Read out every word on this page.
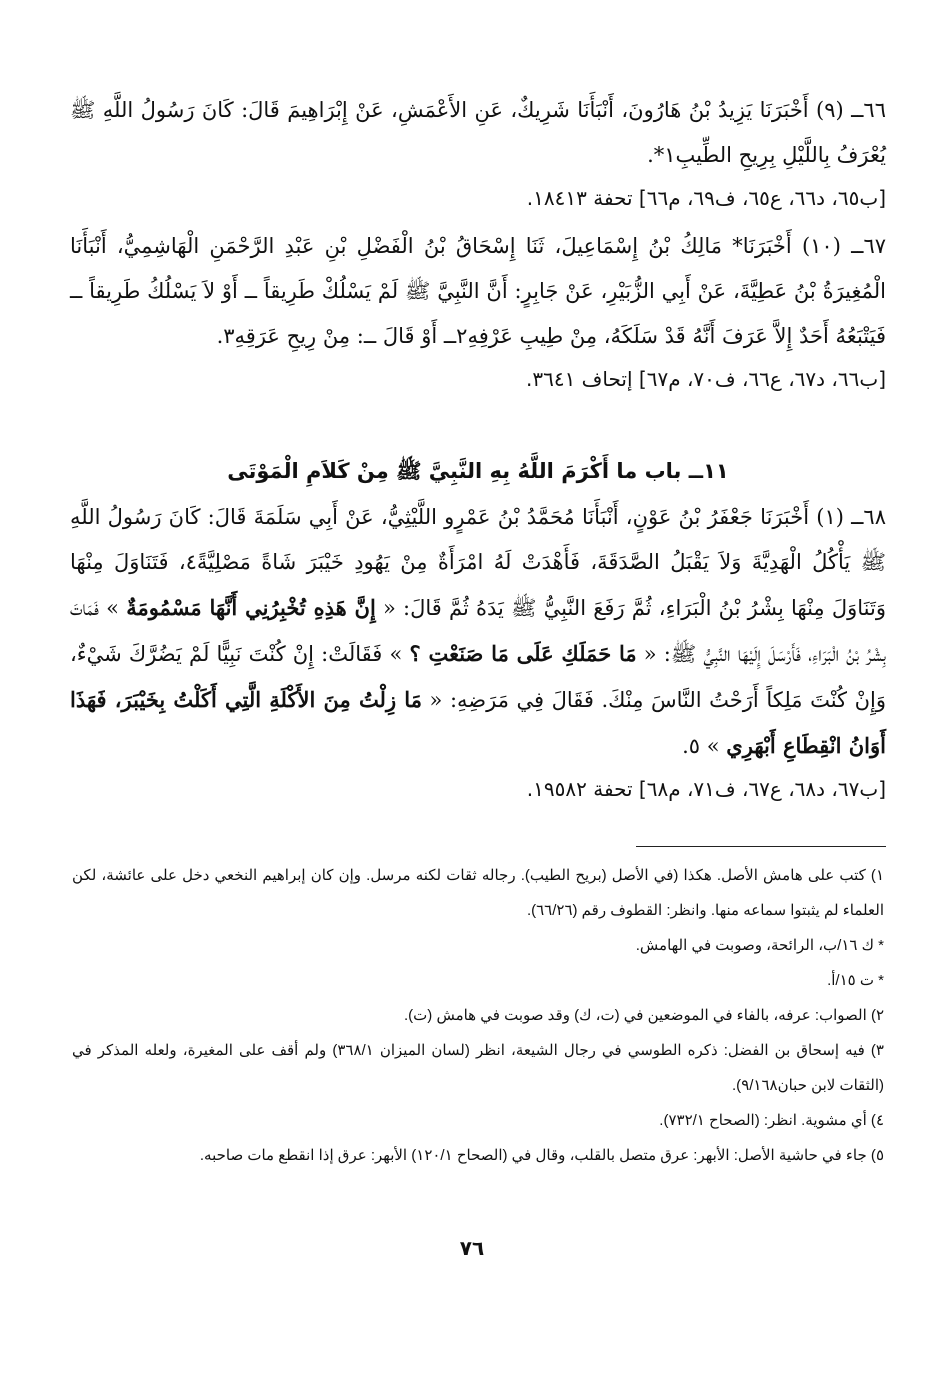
٦٦ــ (٩) أَخْبَرَنَا يَزِيدُ بْنُ هَارُونَ، أَنْبَأَنَا شَرِيكٌ، عَنِ الأَعْمَشِ، عَنْ إِبْرَاهِيمَ قَالَ: كَانَ رَسُولُ اللَّهِ ﷺ يُعْرَفُ بِاللَّيْلِ بِرِيحِ الطِّيبِ١*.

[ب٦٥، د٦٦، ع٦٥، ف٦٩، م٦٦] تحفة ١٨٤١٣.

٦٧ــ (١٠) أَخْبَرَنَا* مَالِكُ بْنُ إِسْمَاعِيلَ، ثَنَا إِسْحَاقُ بْنُ الْفَضْلِ بْنِ عَبْدِ الرَّحْمَنِ الْهَاشِمِيُّ، أَنْبَأَنَا الْمُغِيرَةُ بْنُ عَطِيَّةَ، عَنْ أَبِي الزُّبَيْرِ، عَنْ جَابِرٍ: أَنَّ النَّبِيَّ ﷺ لَمْ يَسْلُكْ طَرِيقاً ــ أَوْ لاَ يَسْلُكُ طَرِيقاً ــ فَيَتْبَعُهُ أَحَدٌ إِلاَّ عَرَفَ أَنَّهُ قَدْ سَلَكَهُ، مِنْ طِيبِ عَرْفِهِ٢ــ أَوْ قَالَ ــ: مِنْ رِيحِ عَرَقِهِ٣.

[ب٦٦، د٦٧، ع٦٦، ف٧٠، م٦٧] إتحاف ٣٦٤١.

١١ــ باب ما أَكْرَمَ اللَّهُ بِهِ النَّبِيَّ ﷺ مِنْ كَلاَمِ الْمَوْتَى

٦٨ــ (١) أَخْبَرَنَا جَعْفَرُ بْنُ عَوْنٍ، أَنْبَأَنَا مُحَمَّدُ بْنُ عَمْرٍو اللَّيْثِيُّ، عَنْ أَبِي سَلَمَةَ قَالَ: كَانَ رَسُولُ اللَّهِ ﷺ يَأْكُلُ الْهَدِيَّةَ وَلاَ يَقْبَلُ الصَّدَقَةَ، فَأَهْدَتْ لَهُ امْرَأَةٌ مِنْ يَهُودِ خَيْبَرَ شَاةً مَصْلِيَّةً٤، فَتَنَاوَلَ مِنْهَا وَتَنَاوَلَ مِنْهَا بِشْرُ بْنُ الْبَرَاءِ، ثُمَّ رَفَعَ النَّبِيُّ ﷺ يَدَهُ ثُمَّ قَالَ: « إِنَّ هَذِهِ تُخْبِرُنِي أَنَّهَا مَسْمُومَةٌ » فَمَاتَ بِشْرُ بْنُ الْبَرَاءِ، فَأَرْسَلَ إِلَيْهَا النَّبِيُّ ﷺ: « مَا حَمَلَكِ عَلَى مَا صَنَعْتِ ؟ » فَقَالَتْ: إِنْ كُنْتَ نَبِيًّا لَمْ يَضُرَّكَ شَيْءٌ، وَإِنْ كُنْتَ مَلِكاً أَرَحْتُ النَّاسَ مِنْكَ. فَقَالَ فِي مَرَضِهِ: « مَا زِلْتُ مِنَ الأَكْلَةِ الَّتِي أَكَلْتُ بِخَيْبَرَ، فَهَذَا أَوَانُ انْقِطَاعِ أَبْهَرِي » ٥.

[ب٦٧، د٦٨، ع٦٧، ف٧١، م٦٨] تحفة ١٩٥٨٢.

١) كتب على هامش الأصل. هكذا (في الأصل (بريح الطيب). رجاله ثقات لكنه مرسل. وإن كان إبراهيم النخعي دخل على عائشة، لكن العلماء لم يثبتوا سماعه منها. وانظر: القطوف رقم (٦٦/٢٦).

* ك ١٦/ب، الرائحة، وصوبت في الهامش.

* ت ١٥/أ.

٢) الصواب: عرفه، بالفاء في الموضعين في (ت، ك) وقد صوبت في هامش (ت).

٣) فيه إسحاق بن الفضل: ذكره الطوسي في رجال الشيعة، انظر (لسان الميزان ٣٦٨/١) ولم أقف على المغيرة، ولعله المذكر في (الثقات لابن حبان٩/١٦٨).

٤) أي مشوية. انظر: (الصحاح ٧٣٢/١).

٥) جاء في حاشية الأصل: الأبهر: عرق متصل بالقلب، وقال في (الصحاح ١٢٠/١) الأبهر: عرق إذا انقطع مات صاحبه.

٧٦
